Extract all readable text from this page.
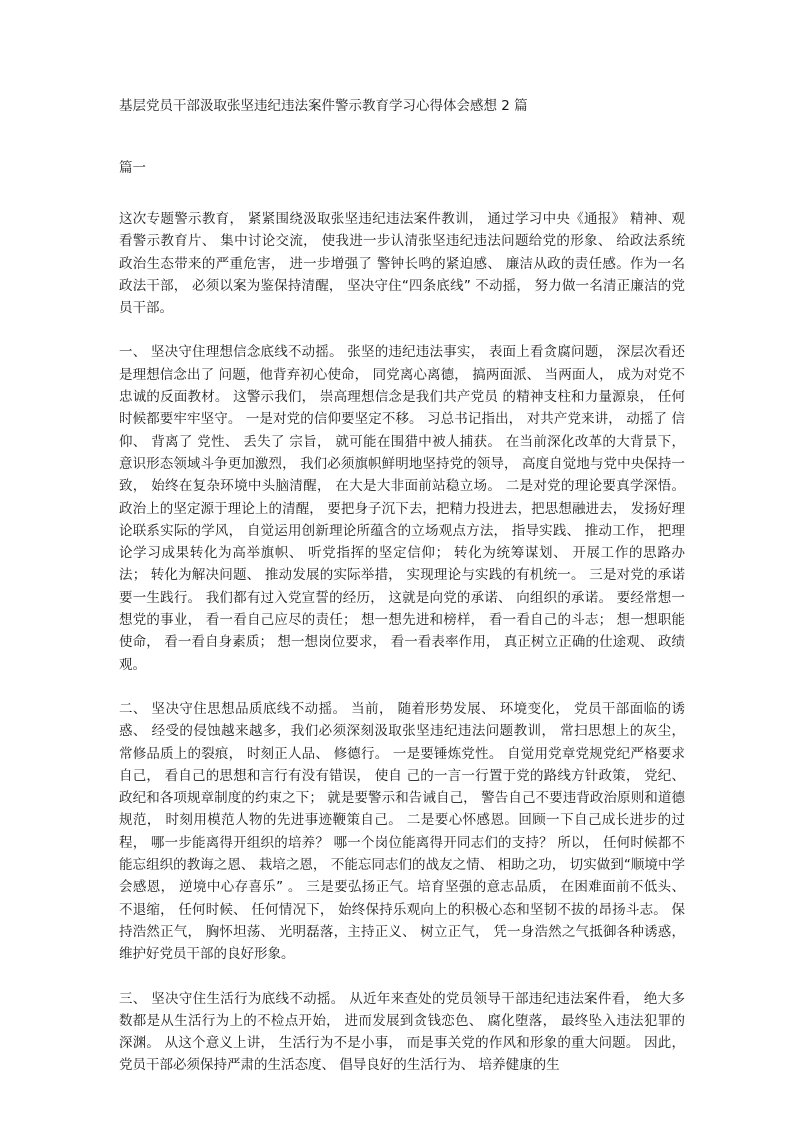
基层党员干部汲取张坚违纪违法案件警示教育学习心得体会感想 2 篇
篇一

这次专题警示教育， 紧紧围绕汲取张坚违纪违法案件教训， 通过学习中央《通报》 精神、观看警示教育片、 集中讨论交流， 使我进一步认清张坚违纪违法问题给党的形象、 给政法系统政治生态带来的严重危害， 进一步增强了 警钟长鸣的紧迫感、 廉洁从政的责任感。作为一名政法干部， 必须以案为鉴保持清醒， 坚决守住“四条底线” 不动摇， 努力做一名清正廉洁的党员干部。

一、 坚决守住理想信念底线不动摇。 张坚的违纪违法事实， 表面上看贪腐问题， 深层次看还是理想信念出了 问题，他背弃初心使命， 同党离心离德， 搞两面派、 当两面人， 成为对党不忠诚的反面教材。 这警示我们， 崇高理想信念是我们共产党员 的精神支柱和力量源泉， 任何时候都要牢牢坚守。 一是对党的信仰要坚定不移。 习总书记指出， 对共产党来讲， 动摇了 信仰、 背离了 党性、 丢失了 宗旨， 就可能在围猎中被人捕获。 在当前深化改革的大背景下， 意识形态领域斗争更加激烈， 我们必须旗帜鲜明地坚持党的领导， 高度自觉地与党中央保持一致， 始终在复杂环境中头脑清醒， 在大是大非面前站稳立场。 二是对党的理论要真学深悟。 政治上的坚定源于理论上的清醒， 要把身子沉下去，把精力投进去，把思想融进去， 发扬好理论联系实际的学风， 自觉运用创新理论所蕴含的立场观点方法， 指导实践、 推动工作， 把理论学习成果转化为高举旗帜、 听党指挥的坚定信仰； 转化为统筹谋划、 开展工作的思路办法； 转化为解决问题、 推动发展的实际举措， 实现理论与实践的有机统一。 三是对党的承诺要一生践行。 我们都有过入党宣誓的经历， 这就是向党的承诺、 向组织的承诺。 要经常想一想党的事业， 看一看自己应尽的责任； 想一想先进和榜样， 看一看自己的斗志； 想一想职能使命， 看一看自身素质； 想一想岗位要求， 看一看表率作用， 真正树立正确的仕途观、 政绩观。

二、 坚决守住思想品质底线不动摇。 当前， 随着形势发展、 环境变化， 党员干部面临的诱惑、 经受的侵蚀越来越多，我们必须深刻汲取张坚违纪违法问题教训， 常扫思想上的灰尘， 常修品质上的裂痕， 时刻正人品、 修德行。 一是要锤炼党性。 自觉用党章党规党纪严格要求自己， 看自己的思想和言行有没有错误， 使自 己的一言一行置于党的路线方针政策， 党纪、 政纪和各项规章制度的约束之下； 就是要警示和告诫自己， 警告自己不要违背政治原则和道德规范， 时刻用模范人物的先进事迹鞭策自己。 二是要心怀感恩。回顾一下自己成长进步的过程， 哪一步能离得开组织的培养？ 哪一个岗位能离得开同志们的支持？ 所以， 任何时候都不能忘组织的教诲之恩、 栽培之恩， 不能忘同志们的战友之情、 相助之功， 切实做到“顺境中学会感恩， 逆境中心存喜乐” 。 三是要弘扬正气。培育坚强的意志品质， 在困难面前不低头、 不退缩， 任何时候、 任何情况下， 始终保持乐观向上的积极心态和坚韧不拔的昂扬斗志。 保持浩然正气， 胸怀坦荡、 光明磊落，主持正义、 树立正气， 凭一身浩然之气抵御各种诱惑，维护好党员干部的良好形象。

三、 坚决守住生活行为底线不动摇。 从近年来查处的党员领导干部违纪违法案件看， 绝大多数都是从生活行为上的不检点开始， 进而发展到贪钱恋色、 腐化堕落， 最终坠入违法犯罪的深渊。 从这个意义上讲， 生活行为不是小事， 而是事关党的作风和形象的重大问题。 因此， 党员干部必须保持严肃的生活态度、 倡导良好的生活行为、 培养健康的生
